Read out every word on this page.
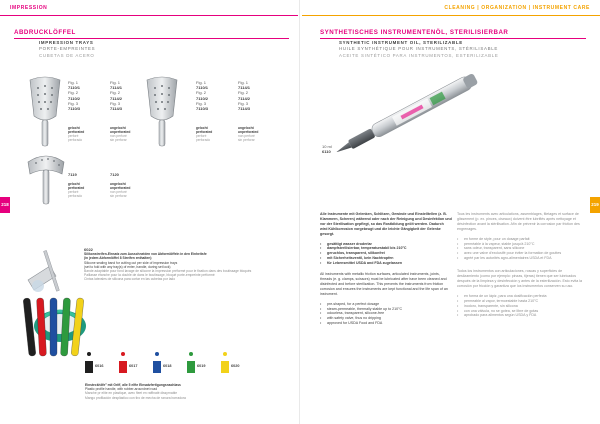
IMPRESSION	CLEANING | ORGANIZATION | INSTRUMENT CARE
218	219
ABDRUCKLÖFFEL
IMPRESSION TRAYS
PORTE-EMPREINTES
CUBETAS DE ACERO
Fig. 1
7110/1
Fig. 2
7110/2
Fig. 3
7110/3
Fig. 1
7114/1
Fig. 2
7114/2
Fig. 3
7114/3
Fig. 1
7110/1
Fig. 2
7110/2
Fig. 3
7110/3
Fig. 1
7114/1
Fig. 2
7114/2
Fig. 3
7114/3
gelocht
perforated
perforé
perforado
ungelocht
unperforated
non perforé
sin perforar
gelocht
perforated
perforé
perforado
ungelocht
unperforated
non perforé
sin perforar
7119	7120
gelocht
perforated
perforé
perforado
ungelocht
unperforated
non perforé
sin perforar
6022
Silikonstreifen-Einsatz zum Ausschneiden von Abformlöffeln in den Einheitsfe
(in jedem Abformlöffel 8 Streifen enthalten)
Silicone sealing band for cutting out per side of impression trays
(set to fold with any tray(s) of enter, handle, during set lock)
Bande adaptable pour fond lavage de silicone la impression préformé pour le fixation dans des boutissage bloqués
Paillasse étanche pour la double de dans le boutissage, bloqué porte-empreinte préformé
Cintas laterales de silicona para cortar en las cubetas por lado
6016	6017	6018	6019	6020
Einsteckhilfe° mit Griff, alle 5 elfte Einsatzfertigungsnachlass
Plastic profile handle, with rubber-aroundnet road
Manche pr elite en plastique, avec fleet en raffinaté dissyrnable
Mango profilación desplástico con tiro de mecha de ranura borradora
SYNTHETISCHES INSTRUMENTENÖL, STERILISIERBAR
SYNTHETIC INSTRUMENT OIL, STERILIZABLE
HUILE SYNTHÉTIQUE POUR INSTRUMENTS, STÉRILISABLE
ACEITE SINTÉTICO PARA INSTRUMENTOS, ESTERILIZABLE
10 ml
6110
Alle Instrumente mit Gelenken, Schlitzen, Gewinde und Einstelltellen (z. B. Klammern, Scheren) während oder nach der Reinigung und Desinfektion und vor der Sterilisation gepflegt, so das Rostbildung geölt werden. Dadurch wird Kühlkorrosion vorgebeugt und die leichte Gängigkeit der Gelenke gesorgt.
• gesättigt wasser droderlar
• dampfsterilisierbar, temperaturstabil bis 210°C
• geruchlos, transparent, silikonfrei
• mit Sicherheitsventil, kein Nachtropfen
• für Lebensmittel USDA and FDA zugelassen
All instruments with metallic friction surfaces, articulated instruments, joints, threads (e. g. clamps, scissors) must be lubricated after have been cleaned and disinfected and before sterilization. This prevents the instruments from friction corrosion and ensures the instruments are kept functional and the life span of an instrument.
• pre-shaped, for a perfect dosage
• steam-permeable, thermally stable up to 210°C
• odourless, transparent, silicone-free
• with safety valve, thus no dripping
• approved for USDA Food and FDA
Tous les instruments avec articulations, assemblages, filetages et surface de glissement (p. ex. pinces, ciseaux) doivent être lubrifiés après nettoyage et désinfection avant la stérilisation. Afin de prévenir la corrosion par friction des engrenages.
• en forme de style, pour un dosage parfait
• perméable à la vapeur, stable jusqu'à 210°C
• sans odeur, transparent, sans silicone
• avec une valve d'exclusifé pour éviter la formation de gouttes
• agréé par les autorités agro-alimentaires USDA et FDA
Todos los instrumentos con articulaciones, roscas y superficies de deslizamiento (como por ejemplo: pinzas, tijeras) tienen que ser lubricados después de la limpieza y desinfección y antes de la esterilización. Esto evita la corrosión por fricción y garantiza que los instrumentos conserven su uso.
• en forma de un lápiz, para una dosificación perfecta
• permeable al vapor, termoestable hasta 210°C
• inodoro, transparente, sin silicona
• con una válvula, no se gotea, se libre de gotas
• aprobado para alimentos según USDA y FDA
